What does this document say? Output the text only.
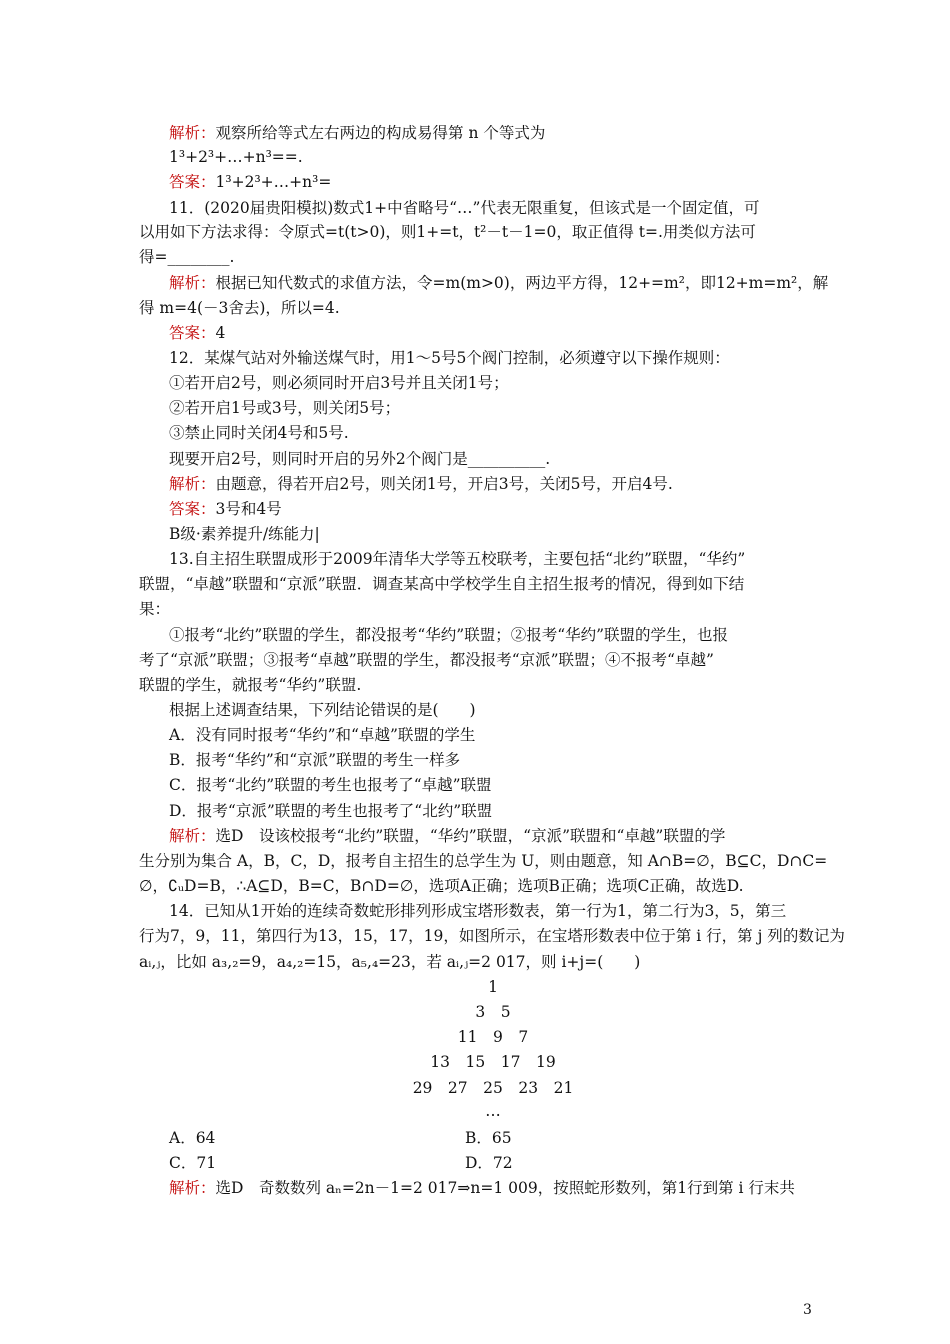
解析：观察所给等式左右两边的构成易得第 n 个等式为
1³+2³+…+n³==.
答案：1³+2³+…+n³=
11．(2020届贵阳模拟)数式1+中省略号“…”代表无限重复，但该式是一个固定值，可
以用如下方法求得：令原式=t(t>0)，则1+=t，t²－t－1=0，取正值得 t=.用类似方法可
得=________.
解析：根据已知代数式的求值方法，令=m(m>0)，两边平方得，12+=m²，即12+m=m²，解
得 m=4(－3舍去)，所以=4.
答案：4
12．某煤气站对外输送煤气时，用1～5号5个阀门控制，必须遵守以下操作规则：
①若开启2号，则必须同时开启3号并且关闭1号；
②若开启1号或3号，则关闭5号；
③禁止同时关闭4号和5号.
现要开启2号，则同时开启的另外2个阀门是__________.
解析：由题意，得若开启2号，则关闭1号，开启3号，关闭5号，开启4号.
答案：3号和4号
B级·素养提升/练能力|
13.自主招生联盟成形于2009年清华大学等五校联考，主要包括“北约”联盟，“华约”
联盟，“卓越”联盟和“京派”联盟．调查某高中学校学生自主招生报考的情况，得到如下结
果：
①报考“北约”联盟的学生，都没报考“华约”联盟；②报考“华约”联盟的学生，也报
考了“京派”联盟；③报考“卓越”联盟的学生，都没报考“京派”联盟；④不报考“卓越”
联盟的学生，就报考“华约”联盟.
根据上述调查结果，下列结论错误的是(　　)
A．没有同时报考“华约”和“卓越”联盟的学生
B．报考“华约”和“京派”联盟的考生一样多
C．报考“北约”联盟的考生也报考了“卓越”联盟
D．报考“京派”联盟的考生也报考了“北约”联盟
解析：选D　设该校报考“北约”联盟，“华约”联盟，“京派”联盟和“卓越”联盟的学
生分别为集合 A，B，C，D，报考自主招生的总学生为 U，则由题意，知 A∩B=∅，B⊆C，D∩C=
∅，∁ᵤD=B，∴A⊆D，B=C，B∩D=∅，选项A正确；选项B正确；选项C正确，故选D.
14．已知从1开始的连续奇数蛇形排列形成宝塔形数表，第一行为1，第二行为3，5，第三
行为7，9，11，第四行为13，15，17，19，如图所示，在宝塔形数表中位于第 i 行，第 j 列的数记为
aᵢ,ⱼ，比如 a₃,₂=9，a₄,₂=15，a₅,₄=23，若 aᵢ,ⱼ=2 017，则 i+j=(　　)
1
3　5
11　9　7
13　15　17　19
29　27　25　23　21
…
A．64	B．65
C．71	D．72
解析：选D　奇数数列 aₙ=2n－1=2 017⇒n=1 009，按照蛇形数列，第1行到第 i 行末共
3
